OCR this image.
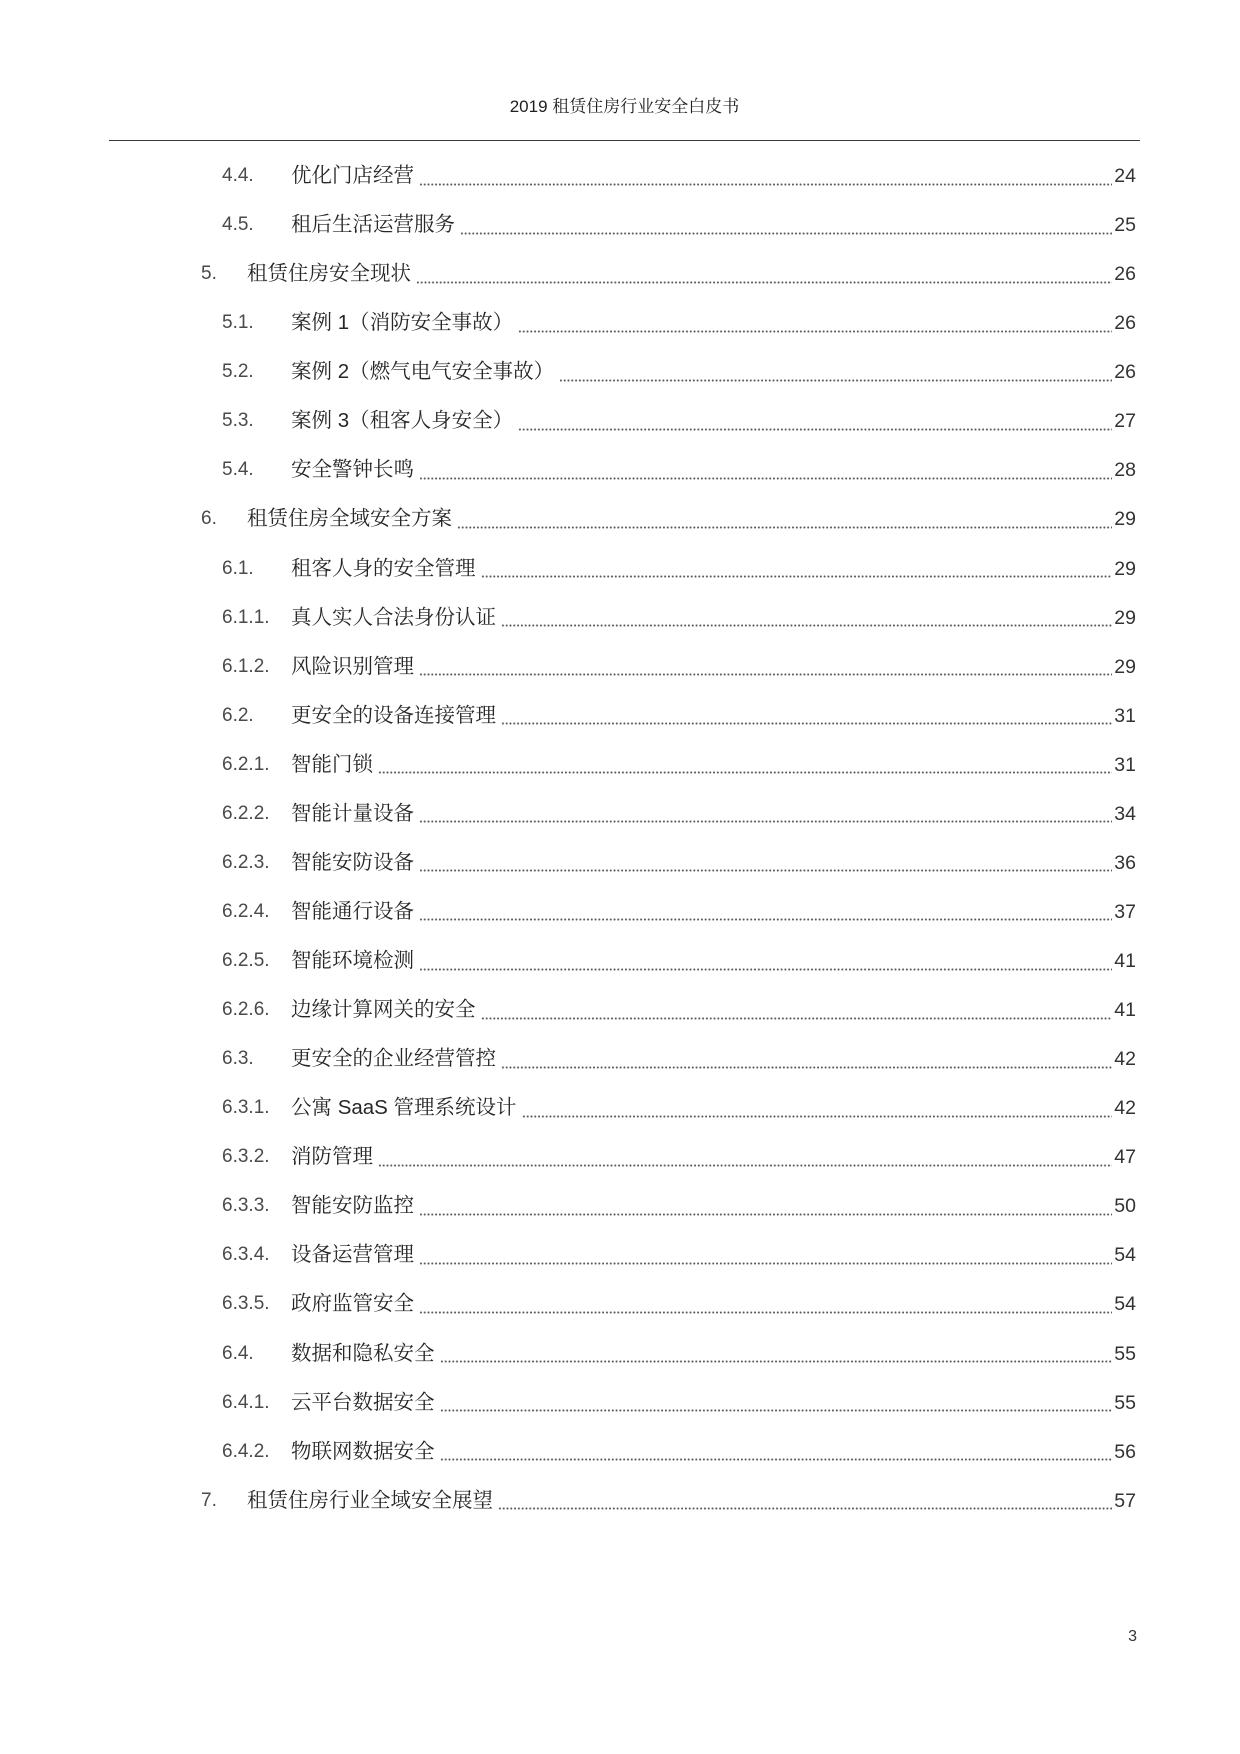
2019 租赁住房行业安全白皮书
4.4.	优化门店经营	24
4.5.	租后生活运营服务	25
5.	租赁住房安全现状	26
5.1.	案例 1（消防安全事故）	26
5.2.	案例 2（燃气电气安全事故）	26
5.3.	案例 3（租客人身安全）	27
5.4.	安全警钟长鸣	28
6.	租赁住房全域安全方案	29
6.1.	租客人身的安全管理	29
6.1.1.	真人实人合法身份认证	29
6.1.2.	风险识别管理	29
6.2.	更安全的设备连接管理	31
6.2.1.	智能门锁	31
6.2.2.	智能计量设备	34
6.2.3.	智能安防设备	36
6.2.4.	智能通行设备	37
6.2.5.	智能环境检测	41
6.2.6.	边缘计算网关的安全	41
6.3.	更安全的企业经营管控	42
6.3.1.	公寓 SaaS 管理系统设计	42
6.3.2.	消防管理	47
6.3.3.	智能安防监控	50
6.3.4.	设备运营管理	54
6.3.5.	政府监管安全	54
6.4.	数据和隐私安全	55
6.4.1.	云平台数据安全	55
6.4.2.	物联网数据安全	56
7.	租赁住房行业全域安全展望	57
3
